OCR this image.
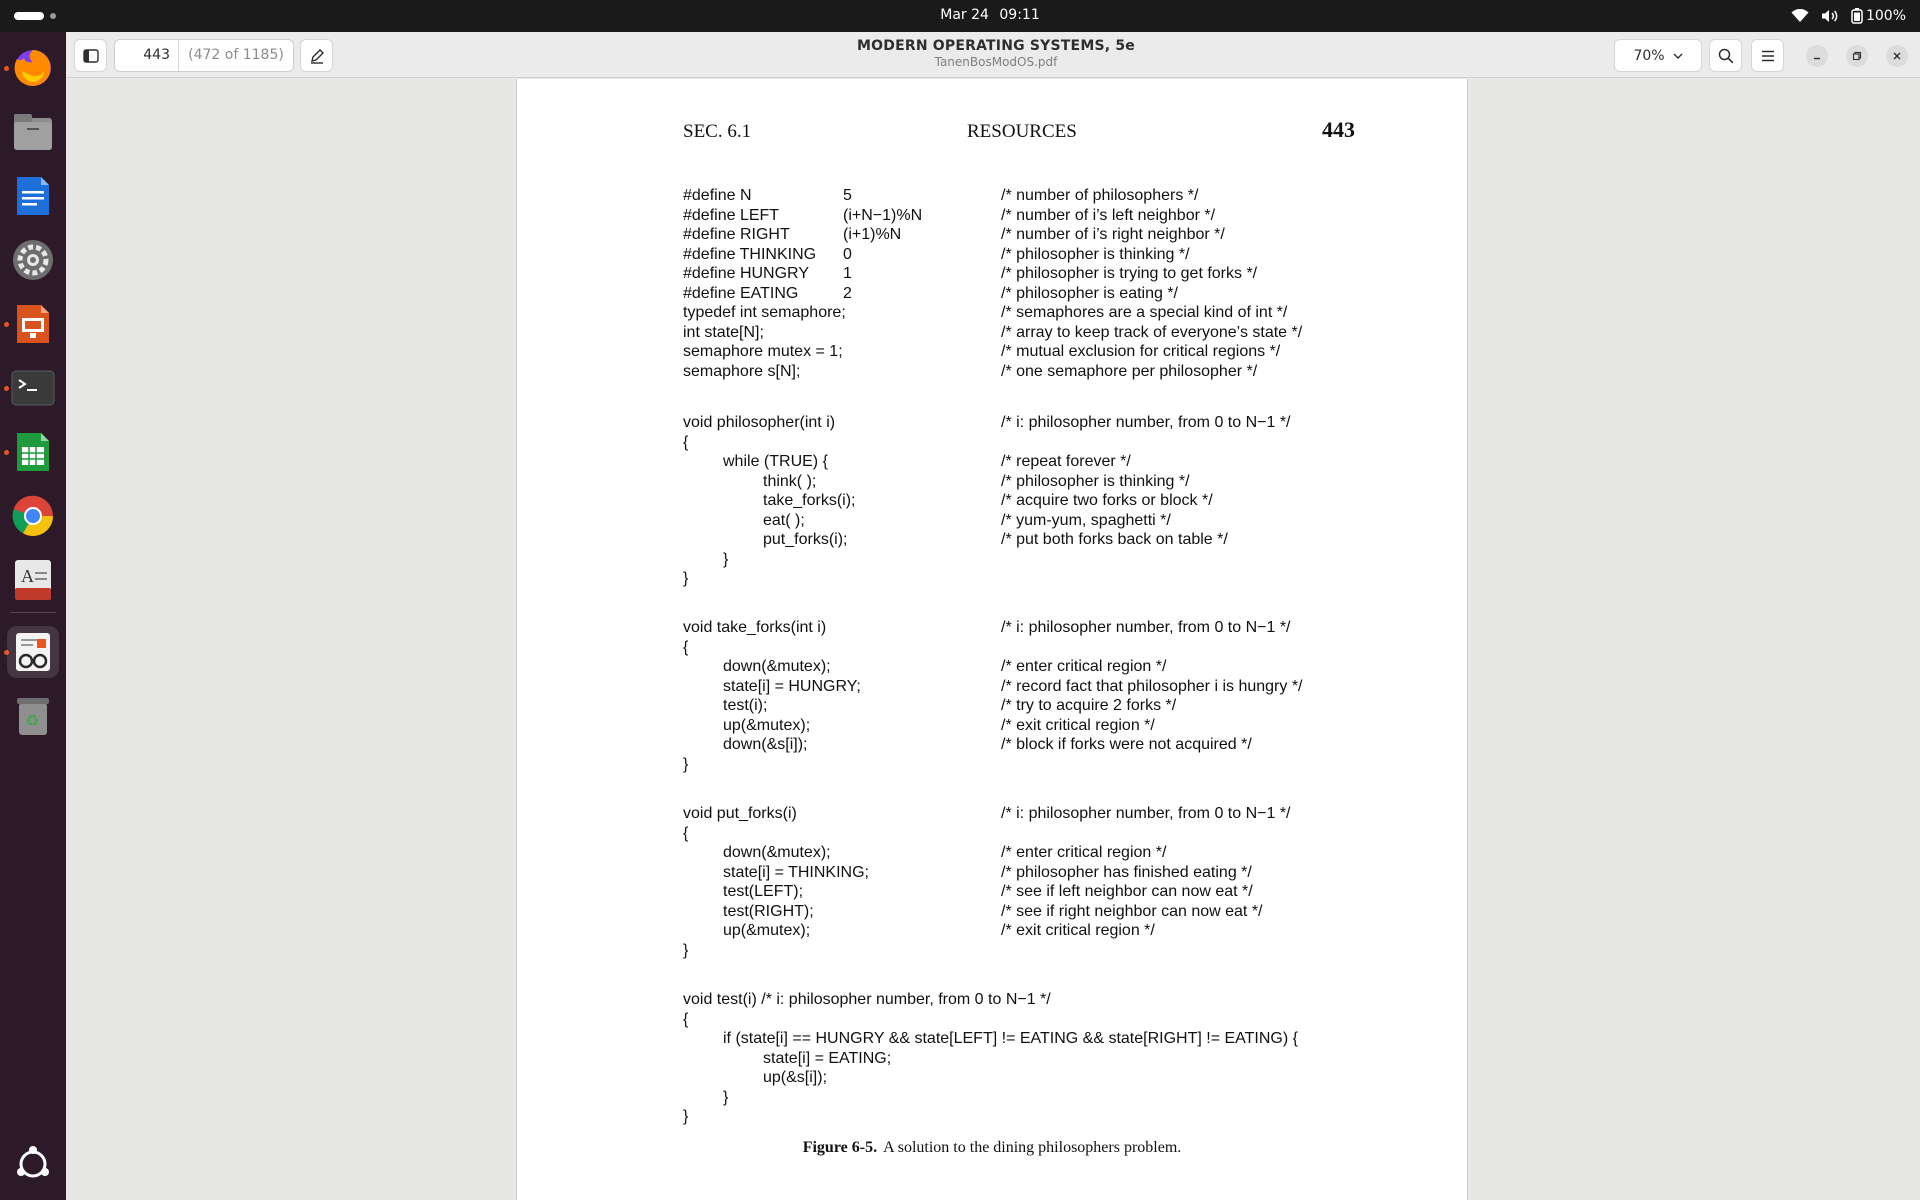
Mar 24 09:11	100%
A
♻
443	(472 of 1185)
MODERN OPERATING SYSTEMS, 5e
TanenBosModOS.pdf	70%
SEC. 6.1	RESOURCES	443
#define N	5	/* number of philosophers */
#define LEFT	(i+N−1)%N	/* number of i’s left neighbor */
#define RIGHT	(i+1)%N	/* number of i’s right neighbor */
#define THINKING 0	/* philosopher is thinking */
#define HUNGRY 1	/* philosopher is trying to get forks */
#define EATING	2	/* philosopher is eating */
typedef int semaphore;	/* semaphores are a special kind of int */
int state[N];	/* array to keep track of everyone’s state */
semaphore mutex = 1;	/* mutual exclusion for critical regions */
semaphore s[N];	/* one semaphore per philosopher */
void philosopher(int i)	/* i: philosopher number, from 0 to N−1 */
{
while (TRUE) {	/* repeat forever */
think( );	/* philosopher is thinking */
take_forks(i);	/* acquire two forks or block */
eat( );	/* yum-yum, spaghetti */
put_forks(i);	/* put both forks back on table */
}
}
void take_forks(int i)	/* i: philosopher number, from 0 to N−1 */
{
down(&mutex);	/* enter critical region */
state[i] = HUNGRY;	/* record fact that philosopher i is hungry */
test(i);	/* try to acquire 2 forks */
up(&mutex);	/* exit critical region */
down(&s[i]);	/* block if forks were not acquired */
}
void put_forks(i)	/* i: philosopher number, from 0 to N−1 */
{
down(&mutex);	/* enter critical region */
state[i] = THINKING;	/* philosopher has finished eating */
test(LEFT);	/* see if left neighbor can now eat */
test(RIGHT);	/* see if right neighbor can now eat */
up(&mutex);	/* exit critical region */
}
void test(i) /* i: philosopher number, from 0 to N−1 */
{
if (state[i] == HUNGRY && state[LEFT] != EATING && state[RIGHT] != EATING) {
state[i] = EATING;
up(&s[i]);
}
}
Figure 6-5. A solution to the dining philosophers problem.
